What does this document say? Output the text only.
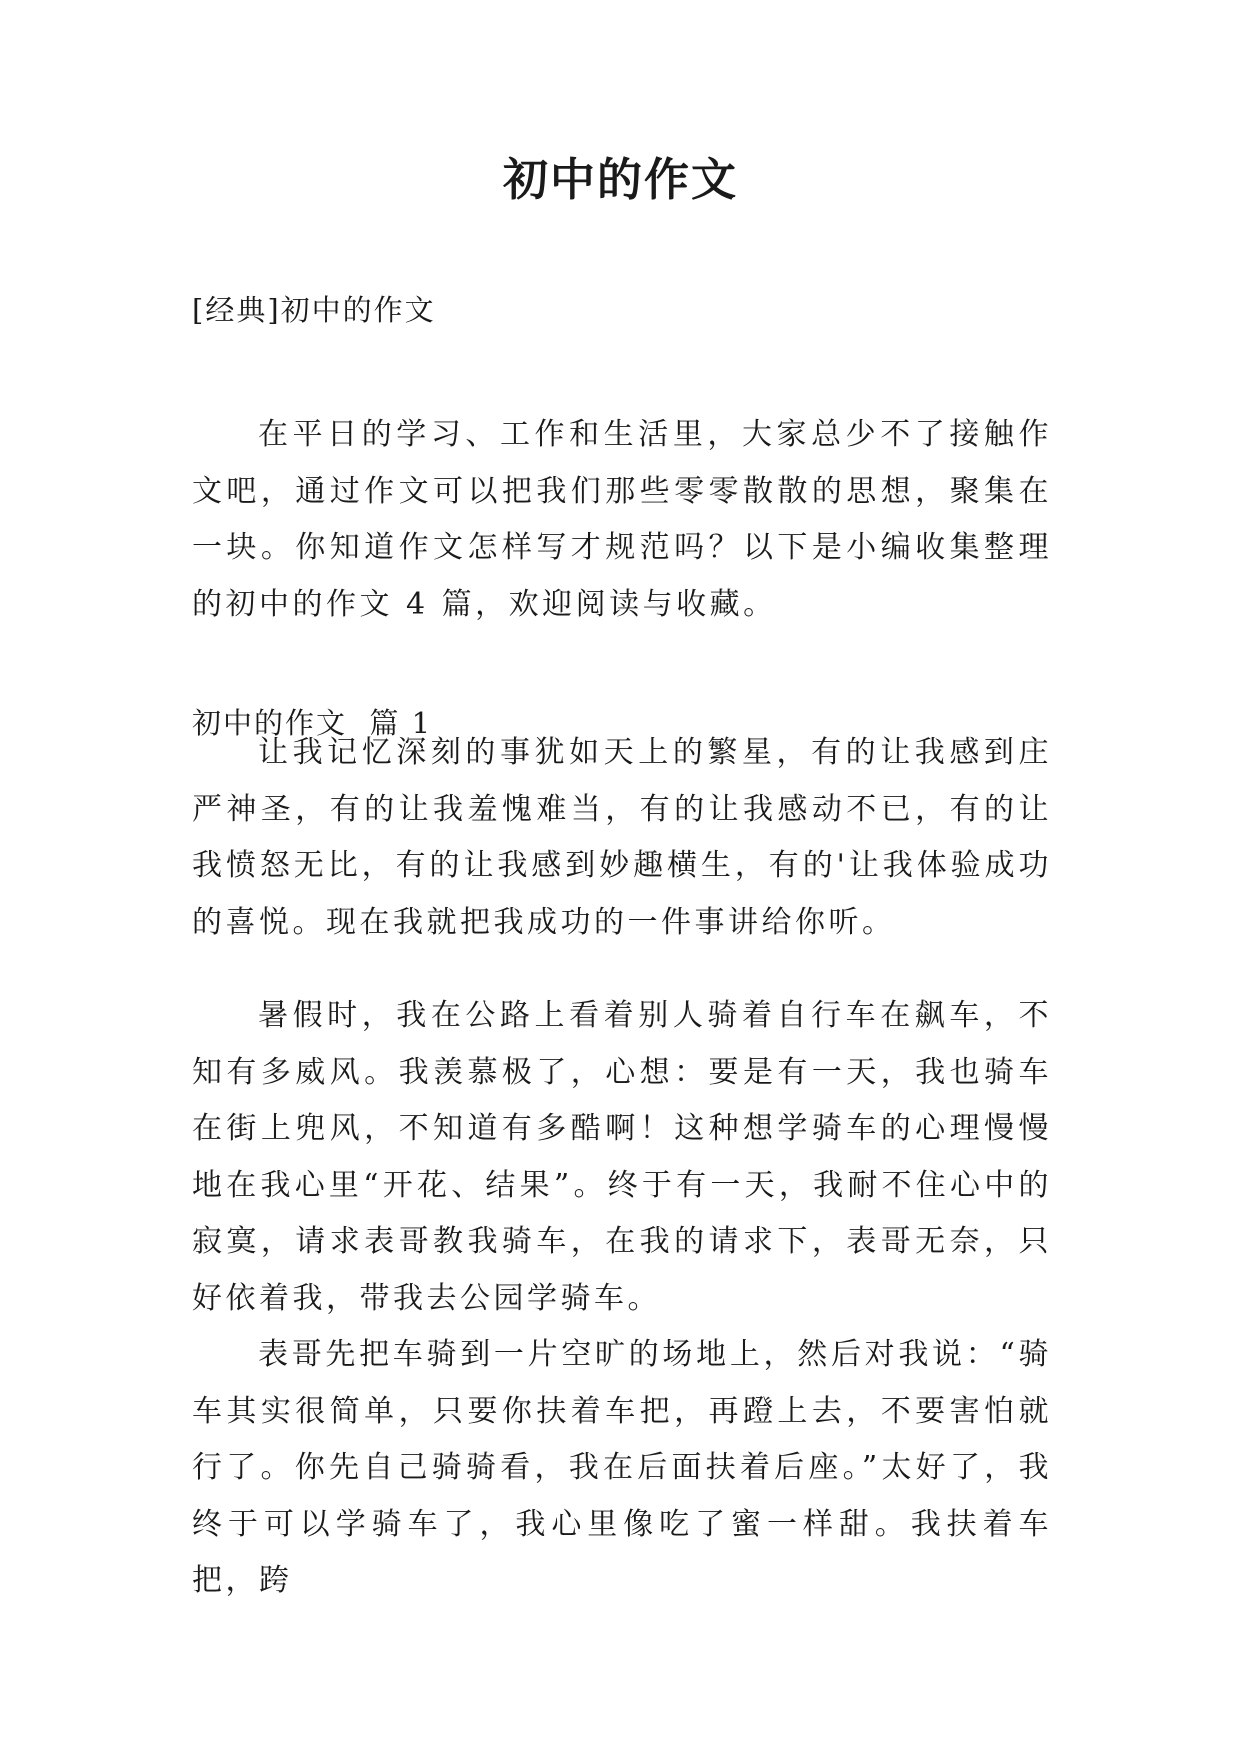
初中的作文

[经典]初中的作文

在平日的学习、工作和生活里，大家总少不了接触作文吧，通过作文可以把我们那些零零散散的思想，聚集在一块。你知道作文怎样写才规范吗？以下是小编收集整理的初中的作文 4 篇，欢迎阅读与收藏。

初中的作文  篇 1

让我记忆深刻的事犹如天上的繁星，有的让我感到庄严神圣，有的让我羞愧难当，有的让我感动不已，有的让我愤怒无比，有的让我感到妙趣横生，有的'让我体验成功的喜悦。现在我就把我成功的一件事讲给你听。

暑假时，我在公路上看着别人骑着自行车在飙车，不知有多威风。我羡慕极了，心想：要是有一天，我也骑车在街上兜风，不知道有多酷啊！这种想学骑车的心理慢慢地在我心里“开花、结果”。终于有一天，我耐不住心中的寂寞，请求表哥教我骑车，在我的请求下，表哥无奈，只好依着我，带我去公园学骑车。

表哥先把车骑到一片空旷的场地上，然后对我说：“骑车其实很简单，只要你扶着车把，再蹬上去，不要害怕就行了。你先自己骑骑看，我在后面扶着后座。”太好了，我终于可以学骑车了，我心里像吃了蜜一样甜。我扶着车把，跨
